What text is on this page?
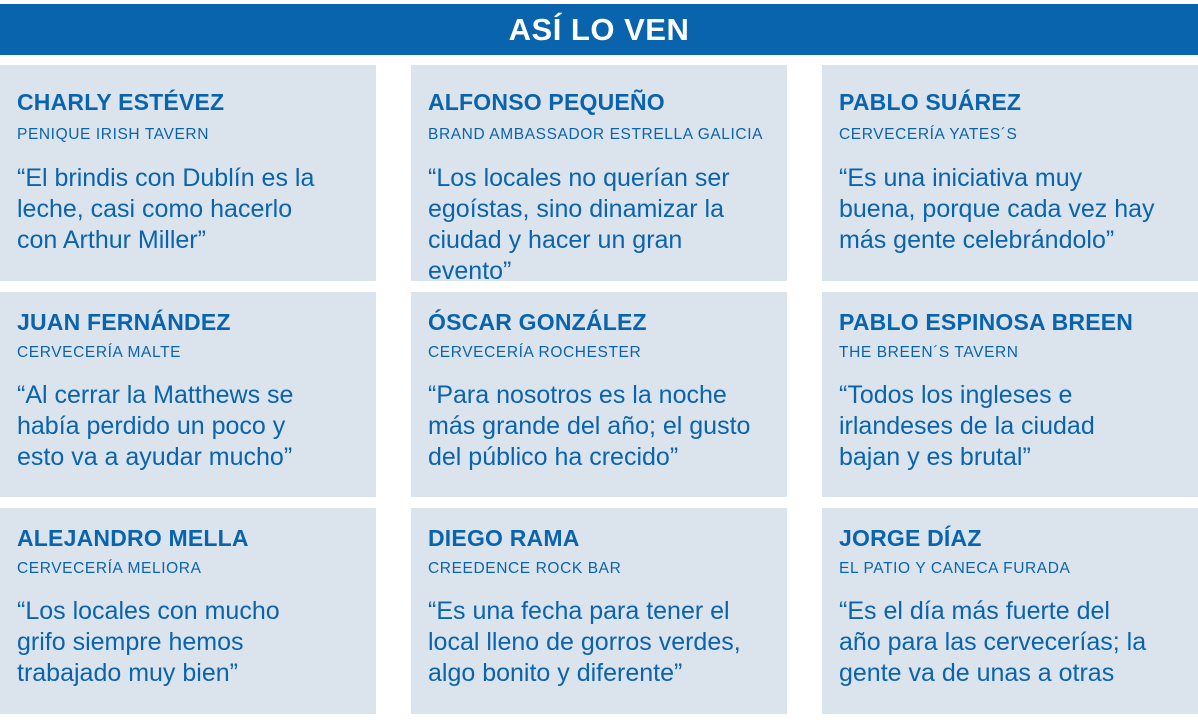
ASÍ LO VEN
CHARLY ESTÉVEZ
PENIQUE IRISH TAVERN
“El brindis con Dublín es la
leche, casi como hacerlo
con Arthur Miller”
ALFONSO PEQUEÑO
BRAND AMBASSADOR ESTRELLA GALICIA
“Los locales no querían ser
egoístas, sino dinamizar la
ciudad y hacer un gran evento”
PABLO SUÁREZ
CERVECERÍA YATES´S
“Es una iniciativa muy
buena, porque cada vez hay
más gente celebrándolo”
JUAN FERNÁNDEZ
CERVECERÍA MALTE
“Al cerrar la Matthews se
había perdido un poco y
esto va a ayudar mucho”
ÓSCAR GONZÁLEZ
CERVECERÍA ROCHESTER
“Para nosotros es la noche
más grande del año; el gusto
del público ha crecido”
PABLO ESPINOSA BREEN
THE BREEN´S TAVERN
“Todos los ingleses e
irlandeses de la ciudad
bajan y es brutal”
ALEJANDRO MELLA
CERVECERÍA MELIORA
“Los locales con mucho
grifo siempre hemos
trabajado muy bien”
DIEGO RAMA
CREEDENCE ROCK BAR
“Es una fecha para tener el
local lleno de gorros verdes,
algo bonito y diferente”
JORGE DÍAZ
EL PATIO Y CANECA FURADA
“Es el día más fuerte del
año para las cervecerías; la
gente va de unas a otras
